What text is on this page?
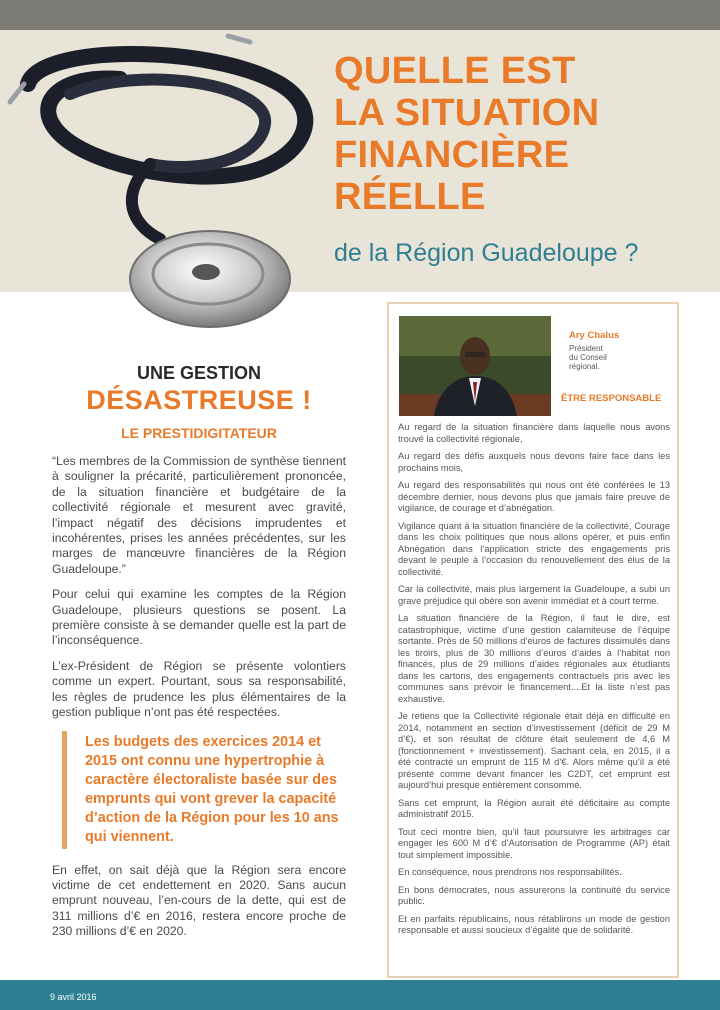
QUELLE EST
LA SITUATION
FINANCIÈRE
RÉELLE
de la Région Guadeloupe ?
UNE GESTION
DÉSASTREUSE !
LE PRESTIDIGITATEUR

“Les membres de la Commission de synthèse tiennent à souligner la précarité, particulièrement prononcée, de la situation financière et budgétaire de la collectivité régionale et mesurent avec gravité, l’impact négatif des décisions imprudentes et incohérentes, prises les années précédentes, sur les marges de manœuvre financières de la Région Guadeloupe.”

Pour celui qui examine les comptes de la Région Guadeloupe, plusieurs questions se posent. La première consiste à se demander quelle est la part de l’inconséquence.

L’ex-Président de Région se présente volontiers comme un expert. Pourtant, sous sa responsabilité, les règles de prudence les plus élémentaires de la gestion publique n’ont pas été respectées.

Les budgets des exercices 2014 et 2015 ont connu une hypertrophie à caractère électoraliste basée sur des emprunts qui vont grever la capacité d’action de la Région pour les 10 ans qui viennent.

En effet, on sait déjà que la Région sera encore victime de cet endettement en 2020. Sans aucun emprunt nouveau, l’en-cours de la dette, qui est de 311 millions d’€ en 2016, restera encore proche de 230 millions d’€ en 2020.

Ary Chalus
Président
du Conseil
régional.
ÊTRE RESPONSABLE

Au regard de la situation financière dans laquelle nous avons trouvé la collectivité régionale,

Au regard des défis auxquels nous devons faire face dans les prochains mois,

Au regard des responsabilités qui nous ont été conférées le 13 décembre dernier, nous devons plus que jamais faire preuve de vigilance, de courage et d’abnégation.

Vigilance quant à la situation financière de la collectivité, Courage dans les choix politiques que nous allons opérer, et puis enfin Abnégation dans l’application stricte des engagements pris devant le peuple à l’occasion du renouvellement des élus de la collectivité.

Car la collectivité, mais plus largement la Guadeloupe, a subi un grave préjudice qui obère son avenir immédiat et à court terme.

La situation financière de la Région, il faut le dire, est catastrophique, victime d’une gestion calamiteuse de l’équipe sortante. Près de 50 millions d’euros de factures dissimulés dans les tiroirs, plus de 30 millions d’euros d’aides à l’habitat non financés, plus de 29 millions d’aides régionales aux étudiants dans les cartons, des engagements contractuels pris avec les communes sans prévoir le financement....Et la liste n’est pas exhaustive.

Je retiens que la Collectivité régionale était déjà en difficulté en 2014, notamment en section d’investissement (déficit de 29 M d’€), et son résultat de clôture était seulement de 4,6 M (fonctionnement + investissement). Sachant cela, en 2015, il a été contracté un emprunt de 115 M d’€. Alors même qu’il a été présenté comme devant financer les C2DT, cet emprunt est aujourd’hui presque entièrement consommé.

Sans cet emprunt, la Région aurait été déficitaire au compte administratif 2015.

Tout ceci montre bien, qu’il faut poursuivre les arbitrages car engager les 600 M d’€ d’Autorisation de Programme (AP) était tout simplement impossible.

En conséquence, nous prendrons nos responsabilités.

En bons démocrates, nous assurerons la continuité du service public.

Et en parfaits républicains, nous rétablirons un mode de gestion responsable et aussi soucieux d’égalité que de solidarité.

9 avril 2016
